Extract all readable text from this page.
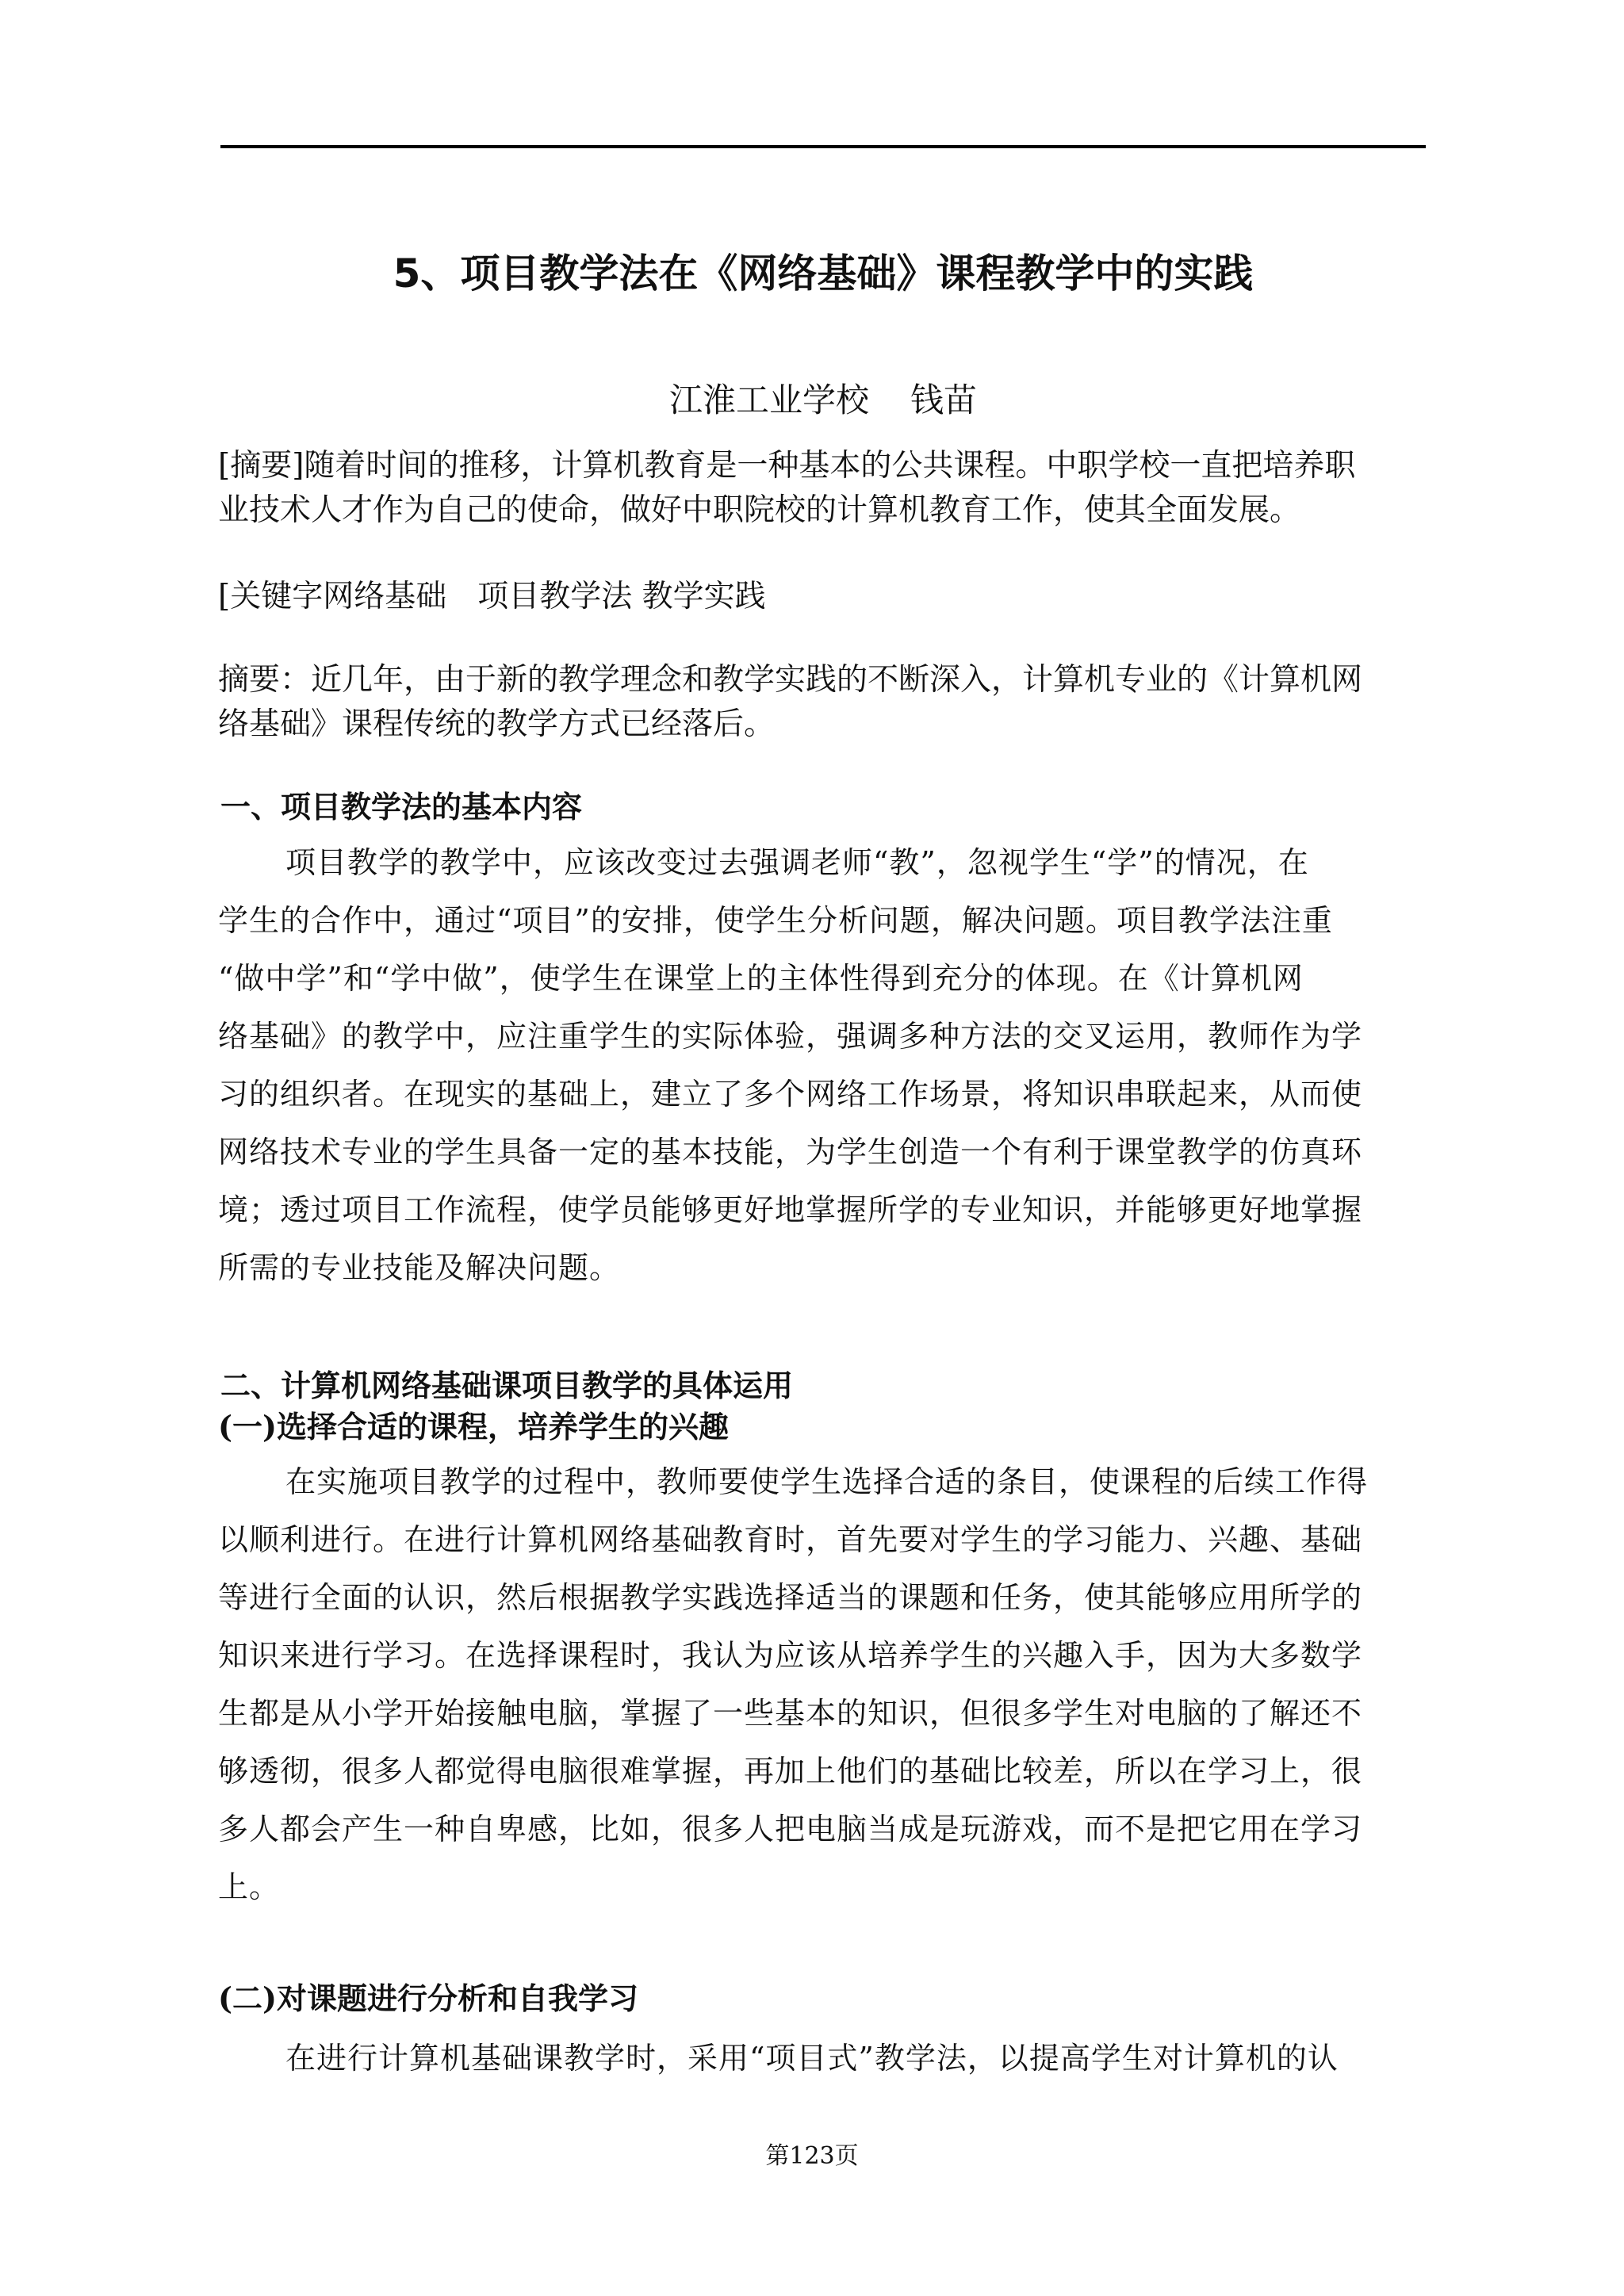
5、项目教学法在《网络基础》课程教学中的实践
江淮工业学校 钱苗

[摘要]随着时间的推移，计算机教育是一种基本的公共课程。中职学校一直把培养职
业技术人才作为自己的使命，做好中职院校的计算机教育工作，使其全面发展。

[关键字网络基础　项目教学法 教学实践

摘要：近几年，由于新的教学理念和教学实践的不断深入，计算机专业的《计算机网
络基础》课程传统的教学方式已经落后。

一、项目教学法的基本内容
项目教学的教学中，应该改变过去强调老师“教”，忽视学生“学”的情况，在
学生的合作中，通过“项目”的安排，使学生分析问题，解决问题。项目教学法注重
“做中学”和“学中做”，使学生在课堂上的主体性得到充分的体现。在《计算机网
络基础》的教学中，应注重学生的实际体验，强调多种方法的交叉运用，教师作为学
习的组织者。在现实的基础上，建立了多个网络工作场景，将知识串联起来，从而使
网络技术专业的学生具备一定的基本技能，为学生创造一个有利于课堂教学的仿真环
境；透过项目工作流程，使学员能够更好地掌握所学的专业知识，并能够更好地掌握
所需的专业技能及解决问题。
二、计算机网络基础课项目教学的具体运用
(一)选择合适的课程，培养学生的兴趣
在实施项目教学的过程中，教师要使学生选择合适的条目，使课程的后续工作得
以顺利进行。在进行计算机网络基础教育时，首先要对学生的学习能力、兴趣、基础
等进行全面的认识，然后根据教学实践选择适当的课题和任务，使其能够应用所学的
知识来进行学习。在选择课程时，我认为应该从培养学生的兴趣入手，因为大多数学
生都是从小学开始接触电脑，掌握了一些基本的知识，但很多学生对电脑的了解还不
够透彻，很多人都觉得电脑很难掌握，再加上他们的基础比较差，所以在学习上，很
多人都会产生一种自卑感，比如，很多人把电脑当成是玩游戏，而不是把它用在学习
上。
(二)对课题进行分析和自我学习
在进行计算机基础课教学时，采用“项目式”教学法，以提高学生对计算机的认
第123页
